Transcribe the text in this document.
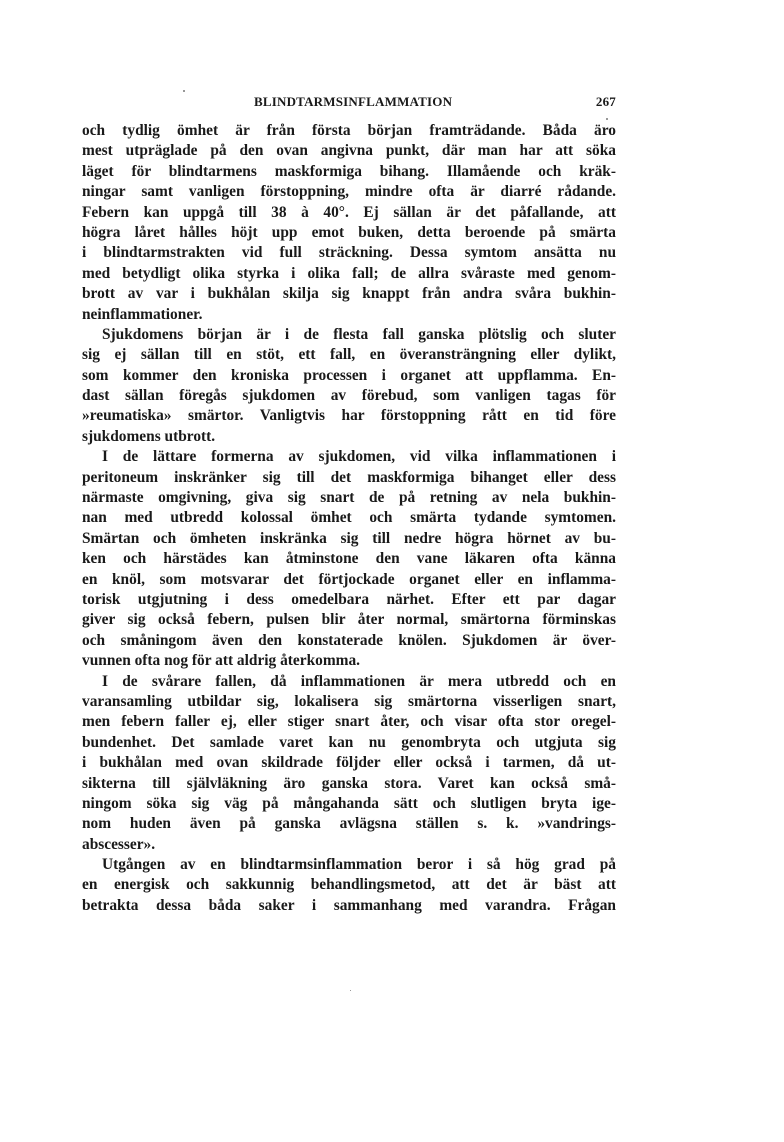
BLINDTARMSINFLAMMATION	267
och tydlig ömhet är från första början framträdande. Båda äro
mest utpräglade på den ovan angivna punkt, där man har att söka
läget för blindtarmens maskformiga bihang. Illamående och kräk-
ningar samt vanligen förstoppning, mindre ofta är diarré rådande.
Febern kan uppgå till 38 à 40°. Ej sällan är det påfallande, att
högra låret hålles höjt upp emot buken, detta beroende på smärta
i blindtarmstrakten vid full sträckning. Dessa symtom ansätta nu
med betydligt olika styrka i olika fall; de allra svåraste med genom-
brott av var i bukhålan skilja sig knappt från andra svåra bukhin-
neinflammationer.
Sjukdomens början är i de flesta fall ganska plötslig och sluter
sig ej sällan till en stöt, ett fall, en överansträngning eller dylikt,
som kommer den kroniska processen i organet att uppflamma. En-
dast sällan föregås sjukdomen av förebud, som vanligen tagas för
»reumatiska» smärtor. Vanligtvis har förstoppning rått en tid före
sjukdomens utbrott.
I de lättare formerna av sjukdomen, vid vilka inflammationen i
peritoneum inskränker sig till det maskformiga bihanget eller dess
närmaste omgivning, giva sig snart de på retning av nela bukhin-
nan med utbredd kolossal ömhet och smärta tydande symtomen.
Smärtan och ömheten inskränka sig till nedre högra hörnet av bu-
ken och härstädes kan åtminstone den vane läkaren ofta känna
en knöl, som motsvarar det förtjockade organet eller en inflamma-
torisk utgjutning i dess omedelbara närhet. Efter ett par dagar
giver sig också febern, pulsen blir åter normal, smärtorna förminskas
och småningom även den konstaterade knölen. Sjukdomen är över-
vunnen ofta nog för att aldrig återkomma.
I de svårare fallen, då inflammationen är mera utbredd och en
varansamling utbildar sig, lokalisera sig smärtorna visserligen snart,
men febern faller ej, eller stiger snart åter, och visar ofta stor oregel-
bundenhet. Det samlade varet kan nu genombryta och utgjuta sig
i bukhålan med ovan skildrade följder eller också i tarmen, då ut-
sikterna till självläkning äro ganska stora. Varet kan också små-
ningom söka sig väg på mångahanda sätt och slutligen bryta ige-
nom huden även på ganska avlägsna ställen s. k. »vandrings-
abscesser».
Utgången av en blindtarmsinflammation beror i så hög grad på
en energisk och sakkunnig behandlingsmetod, att det är bäst att
betrakta dessa båda saker i sammanhang med varandra. Frågan
